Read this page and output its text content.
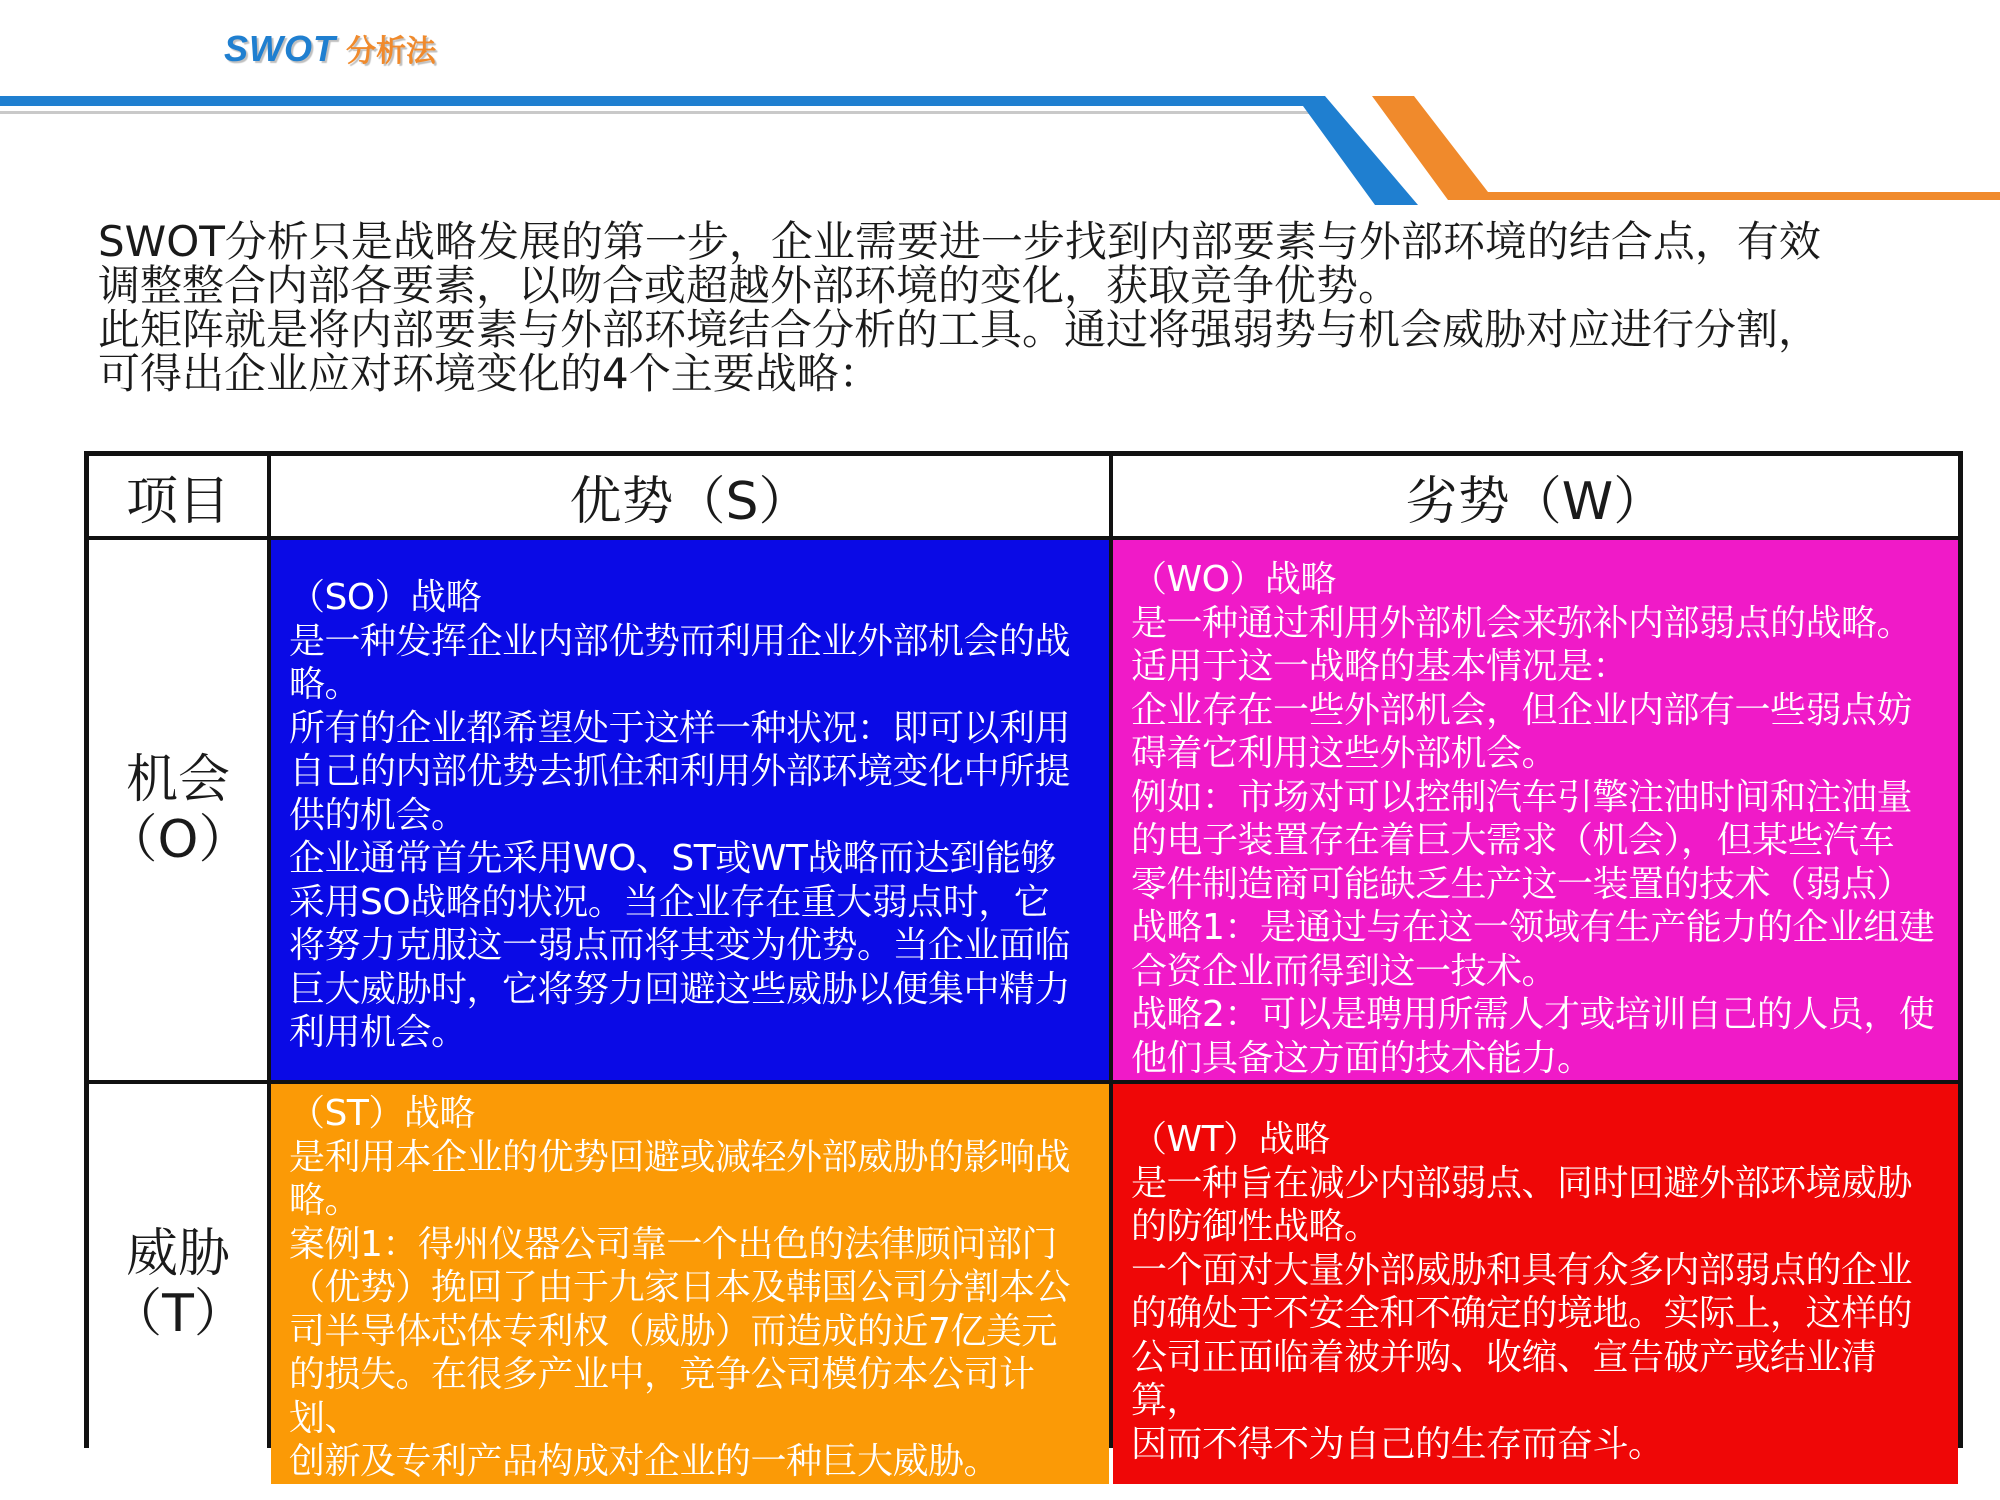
SWOT 分析法

SWOT分析只是战略发展的第一步，企业需要进一步找到内部要素与外部环境的结合点，有效

调整整合内部各要素，以吻合或超越外部环境的变化，获取竞争优势。

此矩阵就是将内部要素与外部环境结合分析的工具。通过将强弱势与机会威胁对应进行分割，

可得出企业应对环境变化的4个主要战略：

项目	优势（S）	劣势（W）
机会
（O）

（SO）战略

是一种发挥企业内部优势而利用企业外部机会的战

略。

所有的企业都希望处于这样一种状况：即可以利用

自己的内部优势去抓住和利用外部环境变化中所提

供的机会。

企业通常首先采用WO、ST或WT战略而达到能够

采用SO战略的状况。当企业存在重大弱点时，它

将努力克服这一弱点而将其变为优势。当企业面临

巨大威胁时，它将努力回避这些威胁以便集中精力

利用机会。

（WO）战略

是一种通过利用外部机会来弥补内部弱点的战略。

适用于这一战略的基本情况是：

企业存在一些外部机会，但企业内部有一些弱点妨

碍着它利用这些外部机会。

例如：市场对可以控制汽车引擎注油时间和注油量

的电子装置存在着巨大需求（机会），但某些汽车

零件制造商可能缺乏生产这一装置的技术（弱点）

战略1：是通过与在这一领域有生产能力的企业组建

合资企业而得到这一技术。

战略2：可以是聘用所需人才或培训自己的人员，使

他们具备这方面的技术能力。

威胁
（T）

（ST）战略

是利用本企业的优势回避或减轻外部威胁的影响战

略。

案例1：得州仪器公司靠一个出色的法律顾问部门

（优势）挽回了由于九家日本及韩国公司分割本公

司半导体芯体专利权（威胁）而造成的近7亿美元

的损失。在很多产业中，竞争公司模仿本公司计划、

创新及专利产品构成对企业的一种巨大威胁。

（WT）战略

是一种旨在减少内部弱点、同时回避外部环境威胁

的防御性战略。

一个面对大量外部威胁和具有众多内部弱点的企业

的确处于不安全和不确定的境地。实际上，这样的

公司正面临着被并购、收缩、宣告破产或结业清算，

因而不得不为自己的生存而奋斗。
